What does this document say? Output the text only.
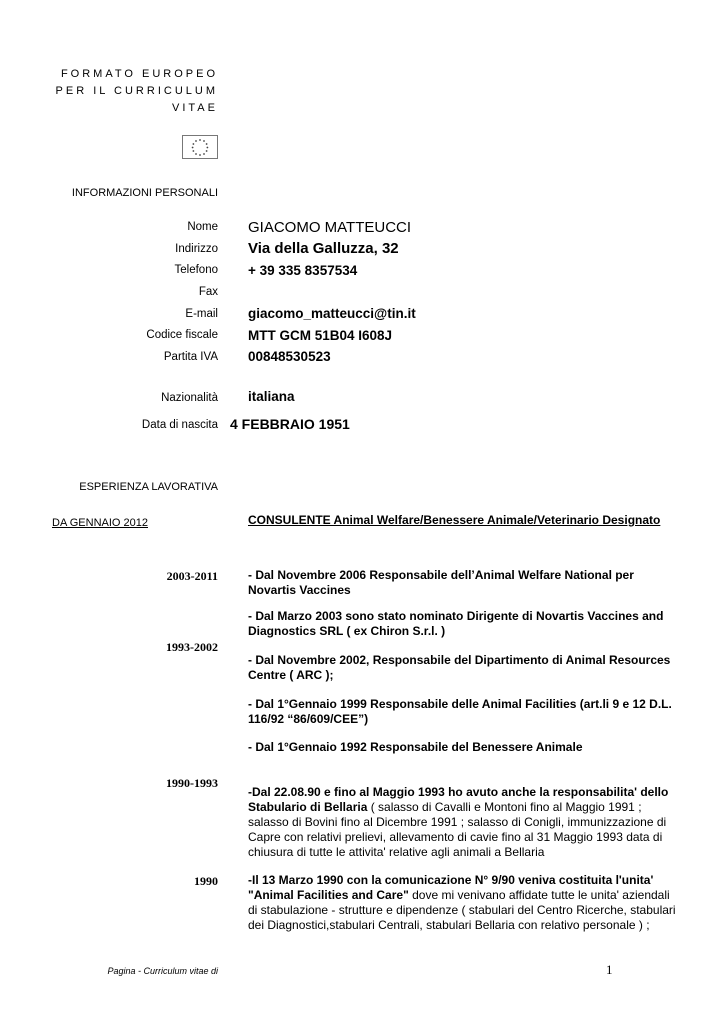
FORMATO EUROPEO
PER IL CURRICULUM
VITAE
INFORMAZIONI PERSONALI
Nome GIACOMO MATTEUCCI
Indirizzo Via della Galluzza, 32
Telefono + 39 335 8357534
Fax
E-mail giacomo_matteucci@tin.it
Codice fiscale MTT GCM 51B04 I608J
Partita IVA 00848530523
Nazionalità italiana
Data di nascita 4 FEBBRAIO 1951
ESPERIENZA LAVORATIVA
DA GENNAIO 2012	CONSULENTE Animal Welfare/Benessere Animale/Veterinario Designato
2003-2011
1993-2002
1990-1993
1990
- Dal Novembre 2006 Responsabile dell’Animal Welfare National per Novartis Vaccines
- Dal Marzo 2003 sono stato nominato Dirigente di Novartis Vaccines and Diagnostics SRL ( ex Chiron S.r.l. )
- Dal Novembre 2002, Responsabile del Dipartimento di Animal Resources Centre ( ARC );
- Dal 1°Gennaio 1999 Responsabile delle Animal Facilities (art.li 9 e 12 D.L. 116/92 “86/609/CEE”)
- Dal 1°Gennaio 1992 Responsabile del Benessere Animale
-Dal 22.08.90 e fino al Maggio 1993 ho avuto anche la responsabilita' dello Stabulario di Bellaria ( salasso di Cavalli e Montoni fino al Maggio 1991 ; salasso di Bovini fino al Dicembre 1991 ; salasso di Conigli, immunizzazione di Capre con relativi prelievi, allevamento di cavie fino al 31 Maggio 1993 data di chiusura di tutte le attivita' relative agli animali a Bellaria
-Il 13 Marzo 1990 con la comunicazione N° 9/90 veniva costituita l'unita' "Animal Facilities and Care" dove mi venivano affidate tutte le unita' aziendali di stabulazione - strutture e dipendenze ( stabulari del Centro Ricerche, stabulari dei Diagnostici,stabulari Centrali, stabulari Bellaria con relativo personale ) ;
Pagina - Curriculum vitae di	1
